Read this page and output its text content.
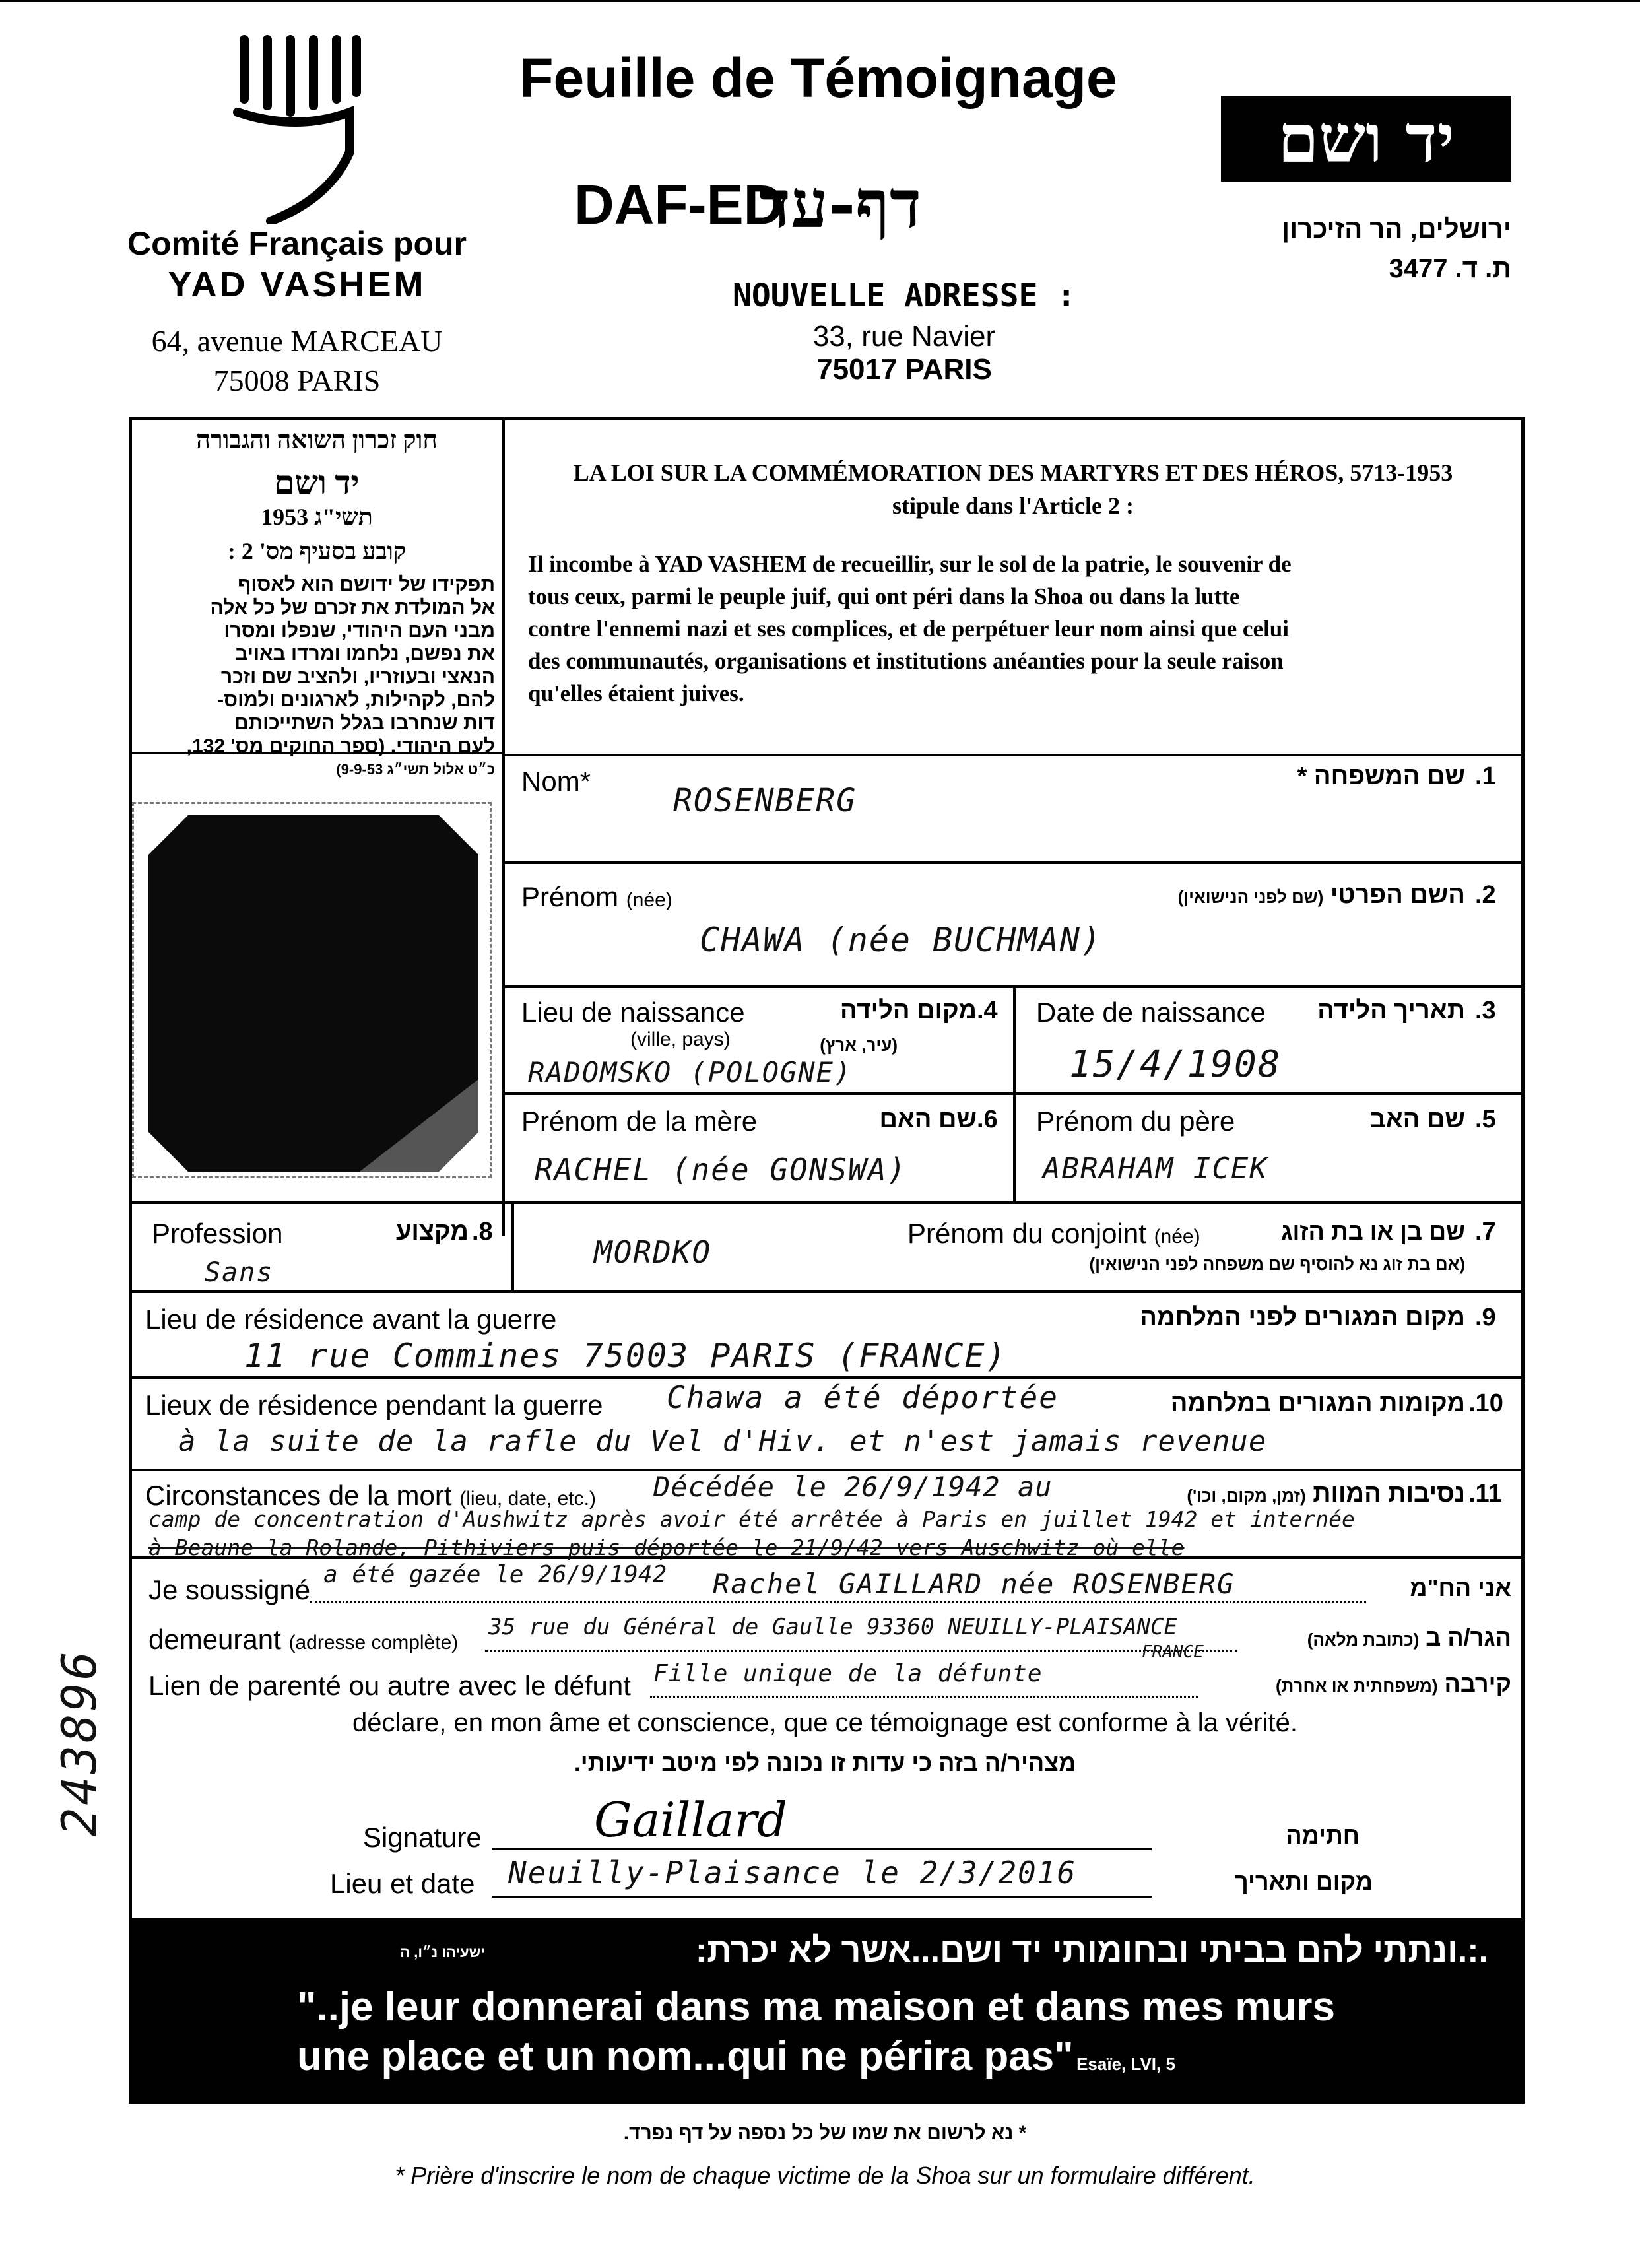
Comité Français pour
YAD VASHEM
64, avenue MARCEAU
75008 PARIS
Feuille de Témoignage
DAF-ED
דף-עד
NOUVELLE ADRESSE :
33, rue Navier
75017 PARIS
יד ושם
ירושלים, הר הזיכרון
ת. ד. 3477
חוק זכרון השואה והגבורה
יד ושם
תשי"ג 1953
קובע בסעיף מס' 2 :
תפקידו של ידושם הוא לאסוף
אל המולדת את זכרם של כל אלה
מבני העם היהודי, שנפלו ומסרו
את נפשם, נלחמו ומרדו באויב
הנאצי ובעוזריו, ולהציב שם וזכר
להם, לקהילות, לארגונים ולמוס-
דות שנחרבו בגלל השתייכותם
לעם היהודי. (ספר החוקים מס' 132,
כ״ט אלול תשי״ג 9-9-53)
LA LOI SUR LA COMMÉMORATION DES MARTYRS ET DES HÉROS, 5713-1953
stipule dans l'Article 2 :
Il incombe à YAD VASHEM de recueillir, sur le sol de la patrie, le souvenir de
tous ceux, parmi le peuple juif, qui ont péri dans la Shoa ou dans la lutte
contre l'ennemi nazi et ses complices, et de perpétuer leur nom ainsi que celui
des communautés, organisations et institutions anéanties pour la seule raison
qu'elles étaient juives.
Nom*	שם המשפחה * .1
ROSENBERG
Prénom (née)	השם הפרטי (שם לפני הנישואין)	.2
CHAWA (née BUCHMAN)
Lieu de naissance
(ville, pays)
מקום הלידה
(עיר, ארץ)
.4
RADOMSKO (POLOGNE)
Date de naissance	תאריך הלידה .3
15/4/1908
Prénom de la mère	שם האם .6
RACHEL (née GONSWA)
Prénom du père	שם האב .5
ABRAHAM ICEK
Profession	מקצוע .8
Sans
Prénom du conjoint (née)	שם בן או בת הזוג .7
(אם בת זוג נא להוסיף שם משפחה לפני הנישואין)
MORDKO
Lieu de résidence avant la guerre	מקום המגורים לפני המלחמה .9
11 rue Commines 75003 PARIS (FRANCE)
Lieux de résidence pendant la guerre	מקומות המגורים במלחמה .10
Chawa a été déportée
à la suite de la rafle du Vel d'Hiv. et n'est jamais revenue
Circonstances de la mort (lieu, date, etc.)	נסיבות המוות (זמן, מקום, וכו')	.11
Décédée le 26/9/1942 au
camp de concentration d'Aushwitz après avoir été arrêtée à Paris en juillet 1942 et internée
à Beaune la Rolande, Pithiviers puis déportée le 21/9/42 vers Auschwitz où elle
a été gazée le 26/9/1942
Je soussigné	Rachel GAILLARD née ROSENBERG	אני הח"מ
demeurant (adresse complète)
35 rue du Général de Gaulle 93360 NEUILLY-PLAISANCE
FRANCE
הגר/ה ב (כתובת מלאה)
Lien de parenté ou autre avec le défunt Fille unique de la défunte	קירבה (משפחתית או אחרת)
déclare, en mon âme et conscience, que ce témoignage est conforme à la vérité.
מצהיר/ה בזה כי עדות זו נכונה לפי מיטב ידיעותי.
Signature Gaillard	חתימה
Lieu et date Neuilly-Plaisance le 2/3/2016	מקום ותאריך
ישעיהו נ״ו, ה	.:.ונתתי להם בביתי ובחומותי יד ושם...אשר לא יכרת:
"..je leur donnerai dans ma maison et dans mes murs
une place et un nom...qui ne périra pas" Esaïe, LVI, 5
* נא לרשום את שמו של כל נספה על דף נפרד.
* Prière d'inscrire le nom de chaque victime de la Shoa sur un formulaire différent.
243896
